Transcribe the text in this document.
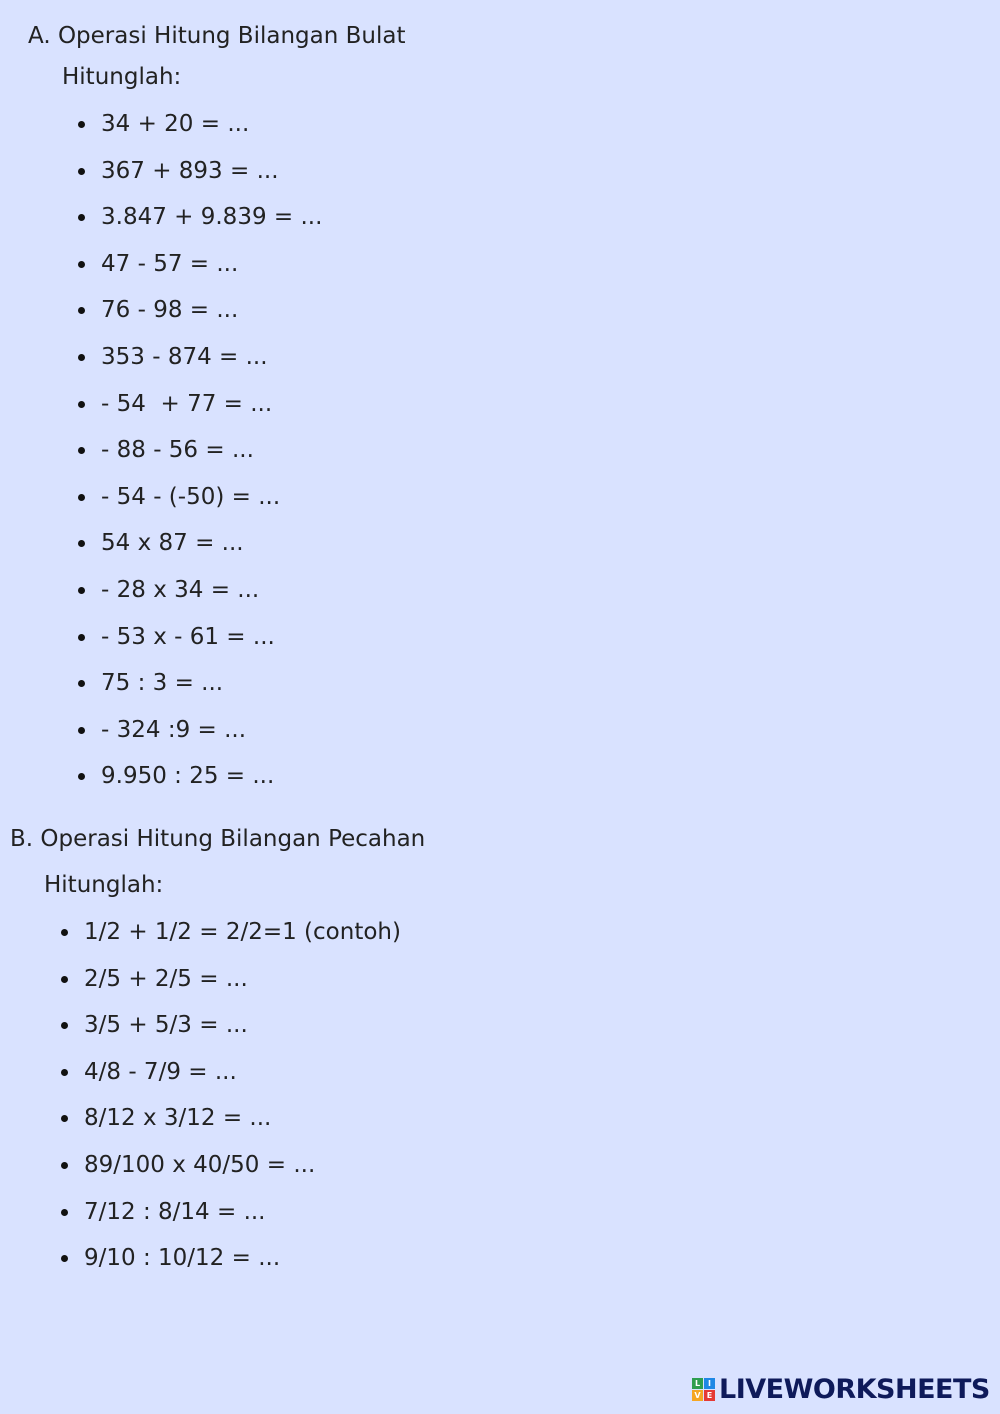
A. Operasi Hitung Bilangan Bulat
Hitunglah:
34 + 20 = ...
367 + 893 = ...
3.847 + 9.839 = ...
47 - 57 = ...
76 - 98 = ...
353 - 874 = ...
- 54  + 77 = ...
- 88 - 56 = ...
- 54 - (-50) = ...
54 x 87 = ...
- 28 x 34 = ...
- 53 x - 61 = ...
75 : 3 = ...
- 324 :9 = ...
9.950 : 25 = ...
B. Operasi Hitung Bilangan Pecahan
Hitunglah:
1/2 + 1/2 = 2/2=1 (contoh)
2/5 + 2/5 = ...
3/5 + 5/3 = ...
4/8 - 7/9 = ...
8/12 x 3/12 = ...
89/100 x 40/50 = ...
7/12 : 8/14 = ...
9/10 : 10/12 = ...
L I
V E LIVEWORKSHEETS
